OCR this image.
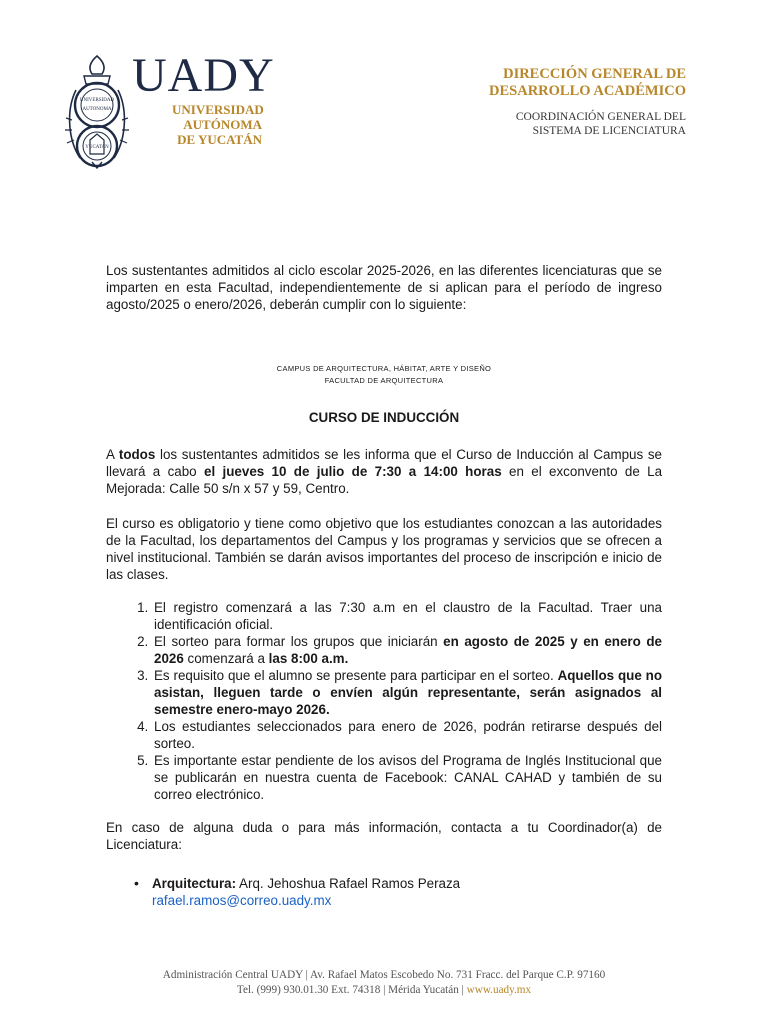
UNIVERSIDAD
AUTONOMA
YUCATAN
UADY
UNIVERSIDAD
AUTÓNOMA
DE YUCATÁN
DIRECCIÓN GENERAL DE
DESARROLLO ACADÉMICO
COORDINACIÓN GENERAL DEL
SISTEMA DE LICENCIATURA

Los sustentantes admitidos al ciclo escolar 2025-2026, en las diferentes licenciaturas que se imparten en esta Facultad, independientemente de si aplican para el período de ingreso agosto/2025 o enero/2026, deberán cumplir con lo siguiente:

CAMPUS DE ARQUITECTURA, HÁBITAT, ARTE Y DISEÑO
FACULTAD DE ARQUITECTURA
CURSO DE INDUCCIÓN

A todos los sustentantes admitidos se les informa que el Curso de Inducción al Campus se llevará a cabo el jueves 10 de julio de 7:30 a 14:00 horas en el exconvento de La Mejorada: Calle 50 s/n x 57 y 59, Centro.

El curso es obligatorio y tiene como objetivo que los estudiantes conozcan a las autoridades de la Facultad, los departamentos del Campus y los programas y servicios que se ofrecen a nivel institucional. También se darán avisos importantes del proceso de inscripción e inicio de las clases.

1. El registro comenzará a las 7:30 a.m en el claustro de la Facultad. Traer una identificación oficial.
2. El sorteo para formar los grupos que iniciarán en agosto de 2025 y en enero de 2026 comenzará a las 8:00 a.m.
3. Es requisito que el alumno se presente para participar en el sorteo. Aquellos que no asistan, lleguen tarde o envíen algún representante, serán asignados al semestre enero-mayo 2026.
4. Los estudiantes seleccionados para enero de 2026, podrán retirarse después del sorteo.
5. Es importante estar pendiente de los avisos del Programa de Inglés Institucional que se publicarán en nuestra cuenta de Facebook: CANAL CAHAD y también de su correo electrónico.

En caso de alguna duda o para más información, contacta a tu Coordinador(a) de Licenciatura:

• Arquitectura: Arq. Jehoshua Rafael Ramos Peraza
rafael.ramos@correo.uady.mx
Administración Central UADY | Av. Rafael Matos Escobedo No. 731 Fracc. del Parque C.P. 97160
Tel. (999) 930.01.30 Ext. 74318 | Mérida Yucatán | www.uady.mx
